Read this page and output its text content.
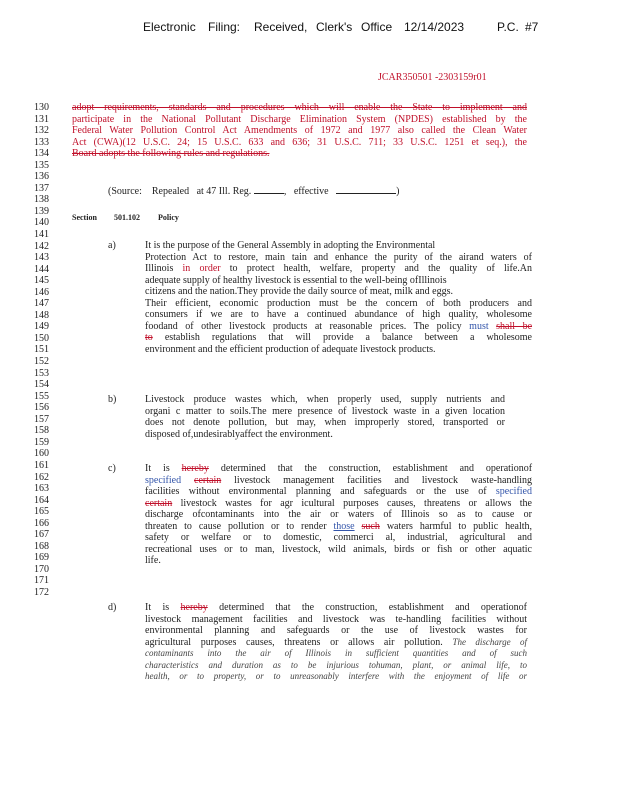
Electronic Filing: Received, Clerk's Office 12/14/2023	P.C. #7
JCAR350501 -2303159r01
130
131
132
133
134
135
136
137
138
139
140
141
142
143
144
145
146
147
148
149
150
151
152
153
154
155
156
157
158
159
160
161
162
163
164
165
166
167
168
169
170
171
172

adopt requirements, standards and procedures which will enable the State to implement and

participate in the National Pollutant Discharge Elimination System (NPDES) established by the

Federal Water Pollution Control Act Amendments of 1972 and 1977 also called the Clean Water

Act (CWA)(12 U.S.C. 24; 15 U.S.C. 633 and 636; 31 U.S.C. 711; 33 U.S.C. 1251 et seq.), the

Board adopts the following rules and regulations.

(Source: Repealed at 47 Ill. Reg.	,   effective	)
Section 501.102 Policy
a)	It is the purpose of the General Assembly in adopting the Environmental

Protection Act to restore, main tain and enhance the purity of the airand waters of

Illinois in order to protect health, welfare, property and the quality of life.An

adequate supply of healthy livestock is essential to the well-being ofIllinois

citizens and the nation.They provide the daily source of meat, milk and eggs.

Their efficient, economic production must be the concern of both producers and

consumers if we are to have a continued abundance of high quality, wholesome

foodand of other livestock products at reasonable prices. The policy must shall be

to establish regulations that will provide a balance between a wholesome

environment and the efficient production of adequate livestock products.

b)	Livestock produce wastes which, when properly used, supply nutrients and

organi c matter to soils.The mere presence of livestock waste in a given location

does not denote pollution, but may, when improperly stored, transported or

disposed of,undesirablyaffect the environment.

c)	It is hereby determined that the construction, establishment and operationof

specified certain livestock management facilities and livestock waste-handling

facilities without environmental planning and safeguards or the use of specified

certain livestock wastes for agr icultural purposes causes, threatens or allows the

discharge ofcontaminants into the air or waters of Illinois so as to cause or

threaten to cause pollution or to render those such waters harmful to public health,

safety or welfare or to domestic, commerci al, industrial, agricultural and

recreational uses or to man, livestock, wild animals, birds or fish or other aquatic

life.

d)	It is hereby determined that the construction, establishment and operationof

livestock management facilities and livestock was te-handling facilities without

environmental planning and safeguards or the use of livestock wastes for

agricultural purposes causes, threatens or allows air pollution. The discharge of

contaminants into the air of Illinois in sufficient quantities and of such

characteristics and duration as to be injurious tohuman, plant, or animal life, to

health, or to property, or to unreasonably interfere with the enjoyment of life or
